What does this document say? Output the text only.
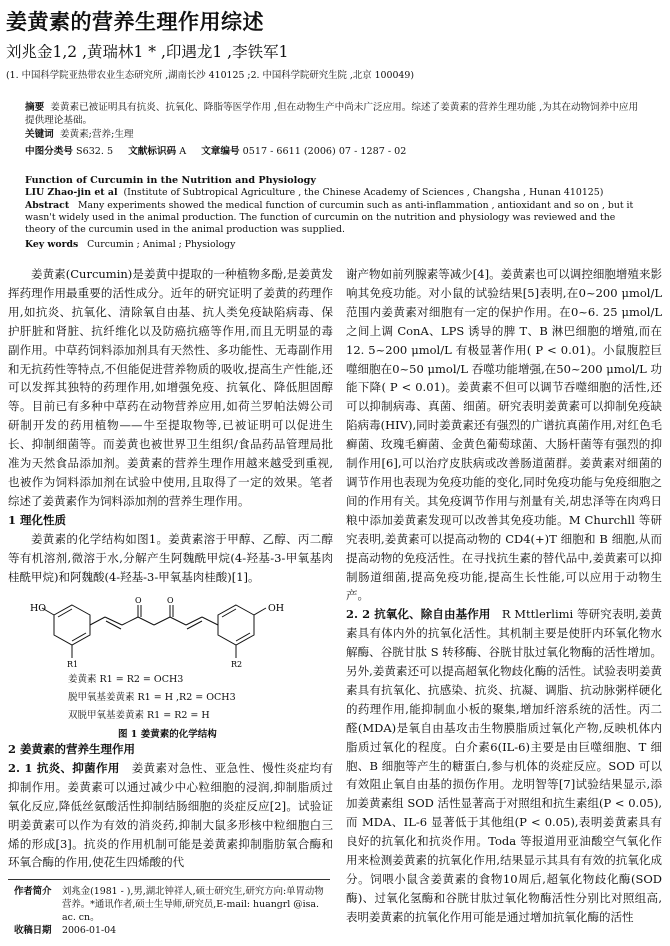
姜黄素的营养生理作用综述
刘兆金1,2 ,黄瑞林1 * ,印遇龙1 ,李铁军1
(1. 中国科学院亚热带农业生态研究所 ,湖南长沙 410125 ;2. 中国科学院研究生院 ,北京 100049)
摘要 姜黄素已被证明具有抗炎、抗氧化、降脂等医学作用 ,但在动物生产中尚未广泛应用。综述了姜黄素的营养生理功能 ,为其在动物饲养中应用提供理论基础。
关键词 姜黄素;营养;生理
中图分类号 S632. 5 文献标识码 A 文章编号 0517 - 6611 (2006) 07 - 1287 - 02
Function of Curcumin in the Nutrition and Physiology
LIU Zhao-jin et al (Institute of Subtropical Agriculture , the Chinese Academy of Sciences , Changsha , Hunan 410125)
Abstract Many experiments showed the medical function of curcumin such as anti-inflammation , antioxidant and so on , but it wasn't widely used in the animal production. The function of curcumin on the nutrition and physiology was reviewed and the theory of the curcumin used in the animal production was supplied.
Key words Curcumin ; Animal ; Physiology

姜黄素(Curcumin)是姜黄中提取的一种植物多酚,是姜黄发挥药理作用最重要的活性成分。近年的研究证明了姜黄的药理作用,如抗炎、抗氧化、清除氧自由基、抗人类免疫缺陷病毒、保护肝脏和肾脏、抗纤维化以及防癌抗癌等作用,而且无明显的毒副作用。中草药饲料添加剂具有天然性、多功能性、无毒副作用和无抗药性等特点,不但能促进营养物质的吸收,提高生产性能,还可以发挥其独特的药理作用,如增强免疫、抗氧化、降低胆固醇等。目前已有多种中草药在动物营养应用,如荷兰罗帕法姆公司研制开发的药用植物——牛至提取物等,已被证明可以促进生长、抑制细菌等。而姜黄也被世界卫生组织/食品药品管理局批准为天然食品添加剂。姜黄素的营养生理作用越来越受到重视,也被作为饲料添加剂在试验中使用,且取得了一定的效果。笔者综述了姜黄素作为饲料添加剂的营养生理作用。

1 理化性质

姜黄素的化学结构如图1。姜黄素溶于甲醇、乙醇、丙二醇等有机溶剂,微溶于水,分解产生阿魏酰甲烷(4-羟基-3-甲氧基肉桂酰甲烷)和阿魏酸(4-羟基-3-甲氧基肉桂酸)[1]。

HO	OH
O	O
R1	R2
姜黄素 R1 = R2 = OCH3
脱甲氧基姜黄素 R1 = H ,R2 = OCH3
双脱甲氧基姜黄素 R1 = R2 = H
图 1 姜黄素的化学结构

2 姜黄素的营养生理作用

2. 1 抗炎、抑菌作用 姜黄素对急性、亚急性、慢性炎症均有抑制作用。姜黄素可以通过减少中心粒细胞的浸润,抑制脂质过氧化反应,降低丝氨酸活性抑制结肠细胞的炎症反应[2]。试验证明姜黄素可以作为有效的消炎药,抑制大鼠多形核中粒细胞白三烯的形成[3]。抗炎的作用机制可能是姜黄素抑制脂肪氧合酶和环氧合酶的作用,使花生四烯酸的代

谢产物如前列腺素等减少[4]。姜黄素也可以调控细胞增殖来影响其免疫功能。对小鼠的试验结果[5]表明,在0~200 μmol/L 范围内姜黄素对细胞有一定的保护作用。在0~6. 25 μmol/L 之间上调 ConA、LPS 诱导的脾 T、B 淋巴细胞的增殖,而在12. 5~200 μmol/L 有极显著作用( P < 0.01)。小鼠腹腔巨噬细胞在0~50 μmol/L 吞噬功能增强,在50~200 μmol/L 功能下降( P < 0.01)。姜黄素不但可以调节吞噬细胞的活性,还可以抑制病毒、真菌、细菌。研究表明姜黄素可以抑制免疫缺陷病毒(HIV),同时姜黄素还有强烈的广谱抗真菌作用,对红色毛癣菌、玫瑰毛癣菌、金黄色葡萄球菌、大肠杆菌等有强烈的抑制作用[6],可以治疗皮肤病或改善肠道菌群。姜黄素对细菌的调节作用也表现为免疫功能的变化,同时免疫功能与免疫细胞之间的作用有关。其免疫调节作用与剂量有关,胡忠泽等在肉鸡日粮中添加姜黄素发现可以改善其免疫功能。M Churchll 等研究表明,姜黄素可以提高动物的 CD4(+)T 细胞和 B 细胞,从而提高动物的免疫活性。在寻找抗生素的替代品中,姜黄素可以抑制肠道细菌,提高免疫功能,提高生长性能,可以应用于动物生产。

2. 2 抗氧化、除自由基作用 R Mttlerlimi 等研究表明,姜黄素具有体内外的抗氧化活性。其机制主要是使肝内环氧化物水解酶、谷胱甘肽 S 转移酶、谷胱甘肽过氧化物酶的活性增加。另外,姜黄素还可以提高超氧化物歧化酶的活性。试验表明姜黄素具有抗氧化、抗感染、抗炎、抗凝、调脂、抗动脉粥样硬化的药理作用,能抑制血小板的聚集,增加纤溶系统的活性。丙二醛(MDA)是氧自由基攻击生物膜脂质过氧化产物,反映机体内脂质过氧化的程度。白介素6(IL-6)主要是由巨噬细胞、T 细胞、B 细胞等产生的糖蛋白,参与机体的炎症反应。SOD 可以有效阻止氧自由基的损伤作用。龙明智等[7]试验结果显示,添加姜黄素组 SOD 活性显著高于对照组和抗生素组(P < 0.05),而 MDA、IL-6 显著低于其他组(P < 0.05),表明姜黄素具有良好的抗氧化和抗炎作用。Toda 等报道用亚油酸空气氧化作用来检测姜黄素的抗氧化作用,结果显示其具有有效的抗氧化成分。饲喂小鼠含姜黄素的食物10周后,超氧化物歧化酶(SOD酶)、过氧化氢酶和谷胱甘肽过氧化物酶活性分别比对照组高,表明姜黄素的抗氧化作用可能是通过增加抗氧化酶的活性

作者简介 刘兆金(1981 - ),男,湖北钟祥人,硕士研究生,研究方向:单胃动物营养。*通讯作者,硕士生导师,研究员,E-mail: huangrl @isa. ac. cn。
收稿日期 2006-01-04
